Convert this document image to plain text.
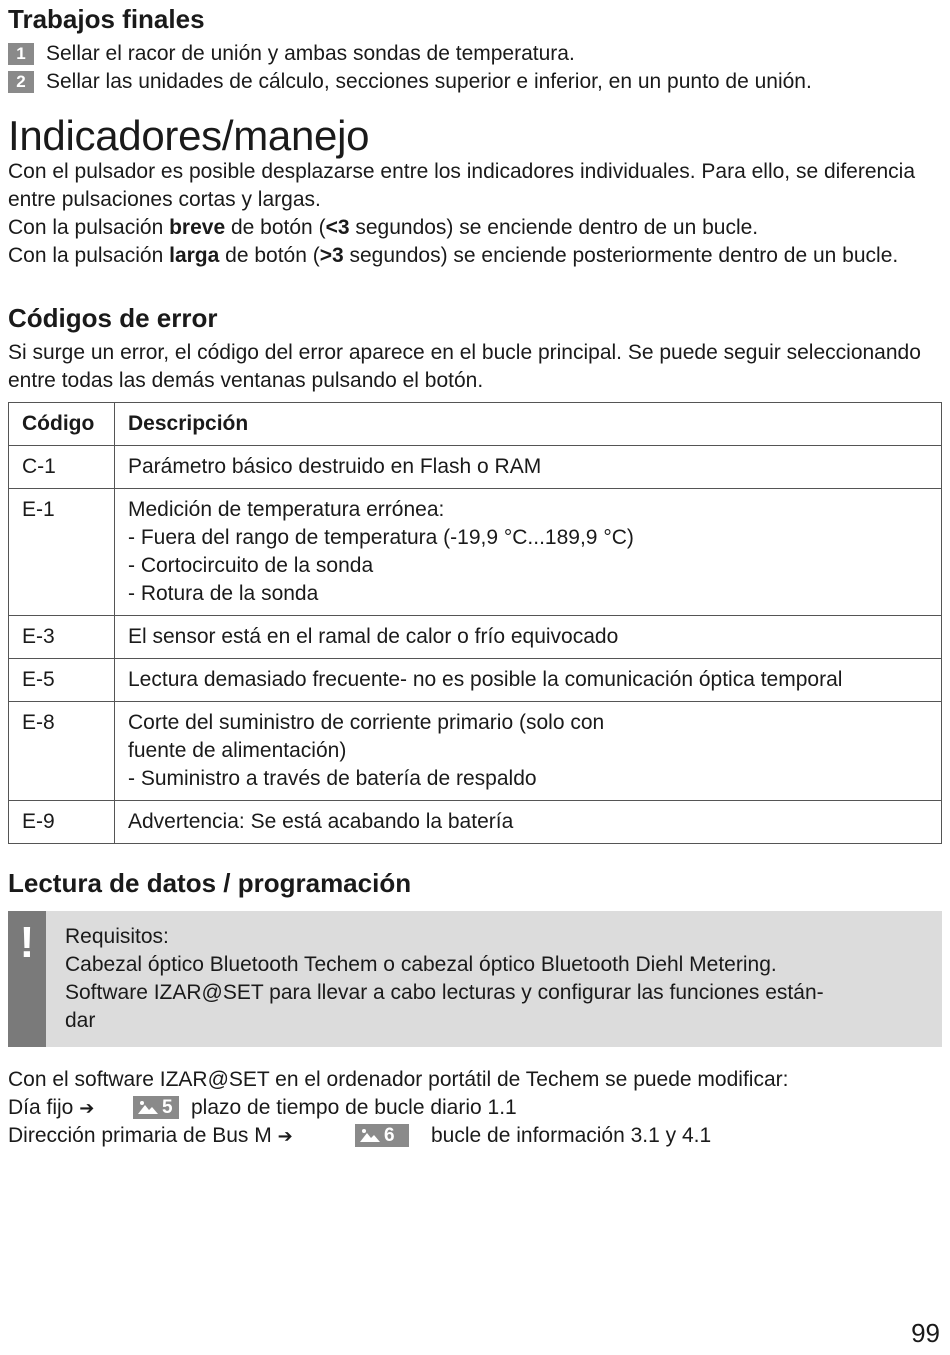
Trabajos finales
1 Sellar el racor de unión y ambas sondas de temperatura.
2 Sellar las unidades de cálculo, secciones superior e inferior, en un punto de unión.
Indicadores/manejo

Con el pulsador es posible desplazarse entre los indicadores individuales. Para ello, se diferencia entre pulsaciones cortas y largas.

Con la pulsación breve de botón (<3 segundos) se enciende dentro de un bucle.

Con la pulsación larga de botón (>3 segundos) se enciende posteriormente dentro de un bucle.

Códigos de error

Si surge un error, el código del error aparece en el bucle principal. Se puede seguir seleccionando entre todas las demás ventanas pulsando el botón.

Código	Descripción
C-1	Parámetro básico destruido en Flash o RAM

E-1	Medición de temperatura errónea:
- Fuera del rango de temperatura (-19,9 °C...189,9 °C)
- Cortocircuito de la sonda
- Rotura de la sonda

E-3	El sensor está en el ramal de calor o frío equivocado

E-5	Lectura demasiado frecuente- no es posible la comunicación óptica temporal

E-8	Corte del suministro de corriente primario (solo con
fuente de alimentación)
- Suministro a través de batería de respaldo

E-9	Advertencia: Se está acabando la batería
Lectura de datos / programación
!	Requisitos:
Cabezal óptico Bluetooth Techem o cabezal óptico Bluetooth Diehl Metering.
Software IZAR@SET para llevar a cabo lecturas y configurar las funciones están-
dar
Con el software IZAR@SET en el ordenador portátil de Techem se puede modificar:
Día fijo ➔	5 plazo de tiempo de bucle diario 1.1
Dirección primaria de Bus M ➔	6	bucle de información 3.1 y 4.1
99
